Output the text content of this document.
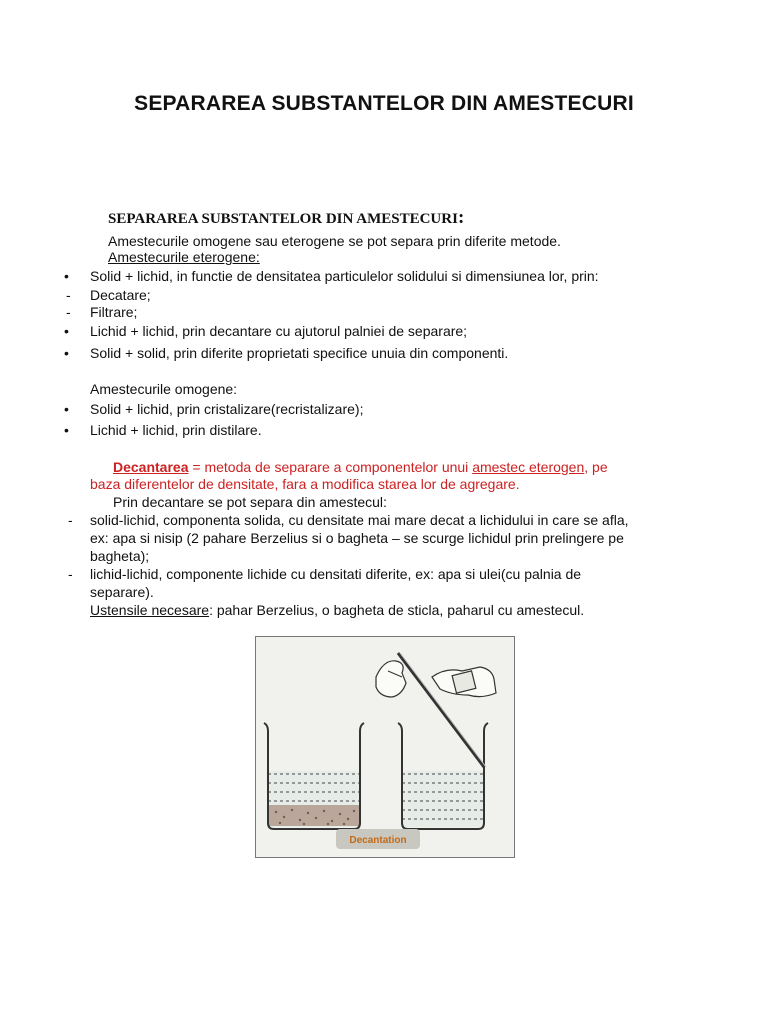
SEPARAREA SUBSTANTELOR DIN AMESTECURI
SEPARAREA SUBSTANTELOR DIN AMESTECURI:
Amestecurile omogene sau eterogene se pot separa prin diferite metode.
Amestecurile eterogene:
• Solid + lichid, in functie de densitatea particulelor solidului si dimensiunea lor, prin:
- Decatare;
- Filtrare;
• Lichid + lichid, prin decantare cu ajutorul palniei de separare;
• Solid + solid, prin diferite proprietati specifice unuia din componenti.
Amestecurile omogene:
• Solid + lichid, prin cristalizare(recristalizare);
• Lichid + lichid, prin distilare.
Decantarea = metoda de separare a componentelor unui amestec eterogen, pe
baza diferentelor de densitate, fara a modifica starea lor de agregare.
Prin decantare se pot separa din amestecul:
- solid-lichid, componenta solida, cu densitate mai mare decat a lichidului in care se afla,
ex: apa si nisip (2 pahare Berzelius si o bagheta – se scurge lichidul prin prelingere pe
bagheta);
- lichid-lichid, componente lichide cu densitati diferite, ex: apa si ulei(cu palnia de
separare).
Ustensile necesare: pahar Berzelius, o bagheta de sticla, paharul cu amestecul.
Decantation
